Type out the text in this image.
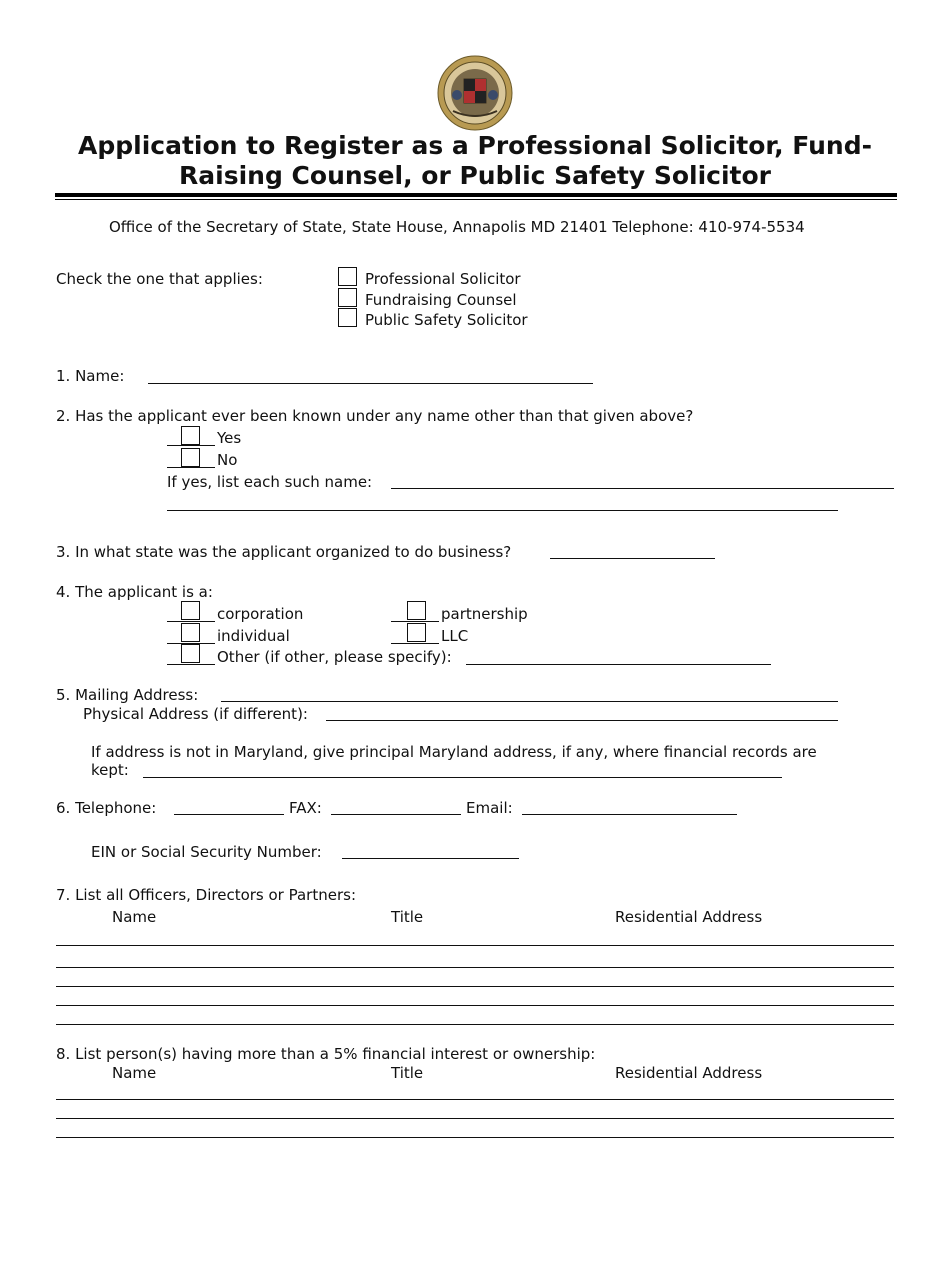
Application to Register as a Professional Solicitor, Fund-
Raising Counsel, or Public Safety Solicitor
Office of the Secretary of State, State House, Annapolis MD 21401 Telephone: 410-974-5534
Check the one that applies:	Professional Solicitor
Fundraising Counsel
Public Safety Solicitor
1. Name:
2. Has the applicant ever been known under any name other than that given above?
Yes
No
If yes, list each such name:
3. In what state was the applicant organized to do business?
4. The applicant is a:
corporation	partnership
individual	LLC
Other (if other, please specify):
5. Mailing Address:
Physical Address (if different):
If address is not in Maryland, give principal Maryland address, if any, where financial records are
kept:
6. Telephone:	FAX:	Email:
EIN or Social Security Number:
7. List all Officers, Directors or Partners:
Name	Title	Residential Address
8. List person(s) having more than a 5% financial interest or ownership:
Name	Title	Residential Address
